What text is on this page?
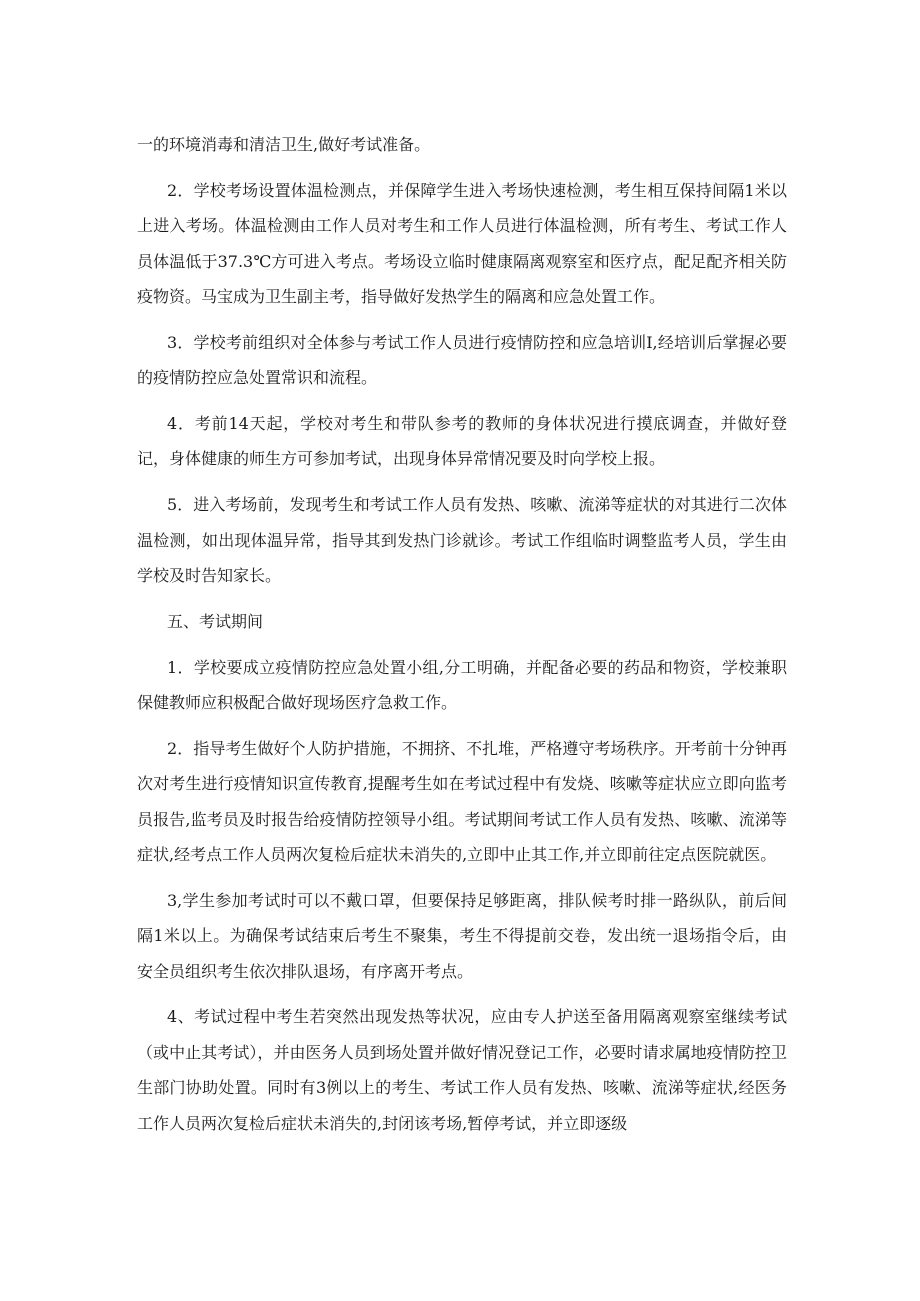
一的环境消毒和清洁卫生,做好考试准备。

2．学校考场设置体温检测点，并保障学生进入考场快速检测，考生相互保持间隔1米以上进入考场。体温检测由工作人员对考生和工作人员进行体温检测，所有考生、考试工作人员体温低于37.3℃方可进入考点。考场设立临时健康隔离观察室和医疗点，配足配齐相关防疫物资。马宝成为卫生副主考，指导做好发热学生的隔离和应急处置工作。

3．学校考前组织对全体参与考试工作人员进行疫情防控和应急培训I,经培训后掌握必要的疫情防控应急处置常识和流程。

4．考前14天起，学校对考生和带队参考的教师的身体状况进行摸底调查，并做好登记，身体健康的师生方可参加考试，出现身体异常情况要及时向学校上报。

5．进入考场前，发现考生和考试工作人员有发热、咳嗽、流涕等症状的对其进行二次体温检测，如出现体温异常，指导其到发热门诊就诊。考试工作组临时调整监考人员，学生由学校及时告知家长。

五、考试期间

1．学校要成立疫情防控应急处置小组,分工明确，并配备必要的药品和物资，学校兼职保健教师应积极配合做好现场医疗急救工作。

2．指导考生做好个人防护措施，不拥挤、不扎堆，严格遵守考场秩序。开考前十分钟再次对考生进行疫情知识宣传教育,提醒考生如在考试过程中有发烧、咳嗽等症状应立即向监考员报告,监考员及时报告给疫情防控领导小组。考试期间考试工作人员有发热、咳嗽、流涕等症状,经考点工作人员两次复检后症状未消失的,立即中止其工作,并立即前往定点医院就医。

3,学生参加考试时可以不戴口罩，但要保持足够距离，排队候考时排一路纵队，前后间隔1米以上。为确保考试结束后考生不聚集，考生不得提前交卷，发出统一退场指令后，由安全员组织考生依次排队退场，有序离开考点。

4、考试过程中考生若突然出现发热等状况，应由专人护送至备用隔离观察室继续考试（或中止其考试），并由医务人员到场处置并做好情况登记工作，必要时请求属地疫情防控卫生部门协助处置。同时有3例以上的考生、考试工作人员有发热、咳嗽、流涕等症状,经医务工作人员两次复检后症状未消失的,封闭该考场,暂停考试，并立即逐级
